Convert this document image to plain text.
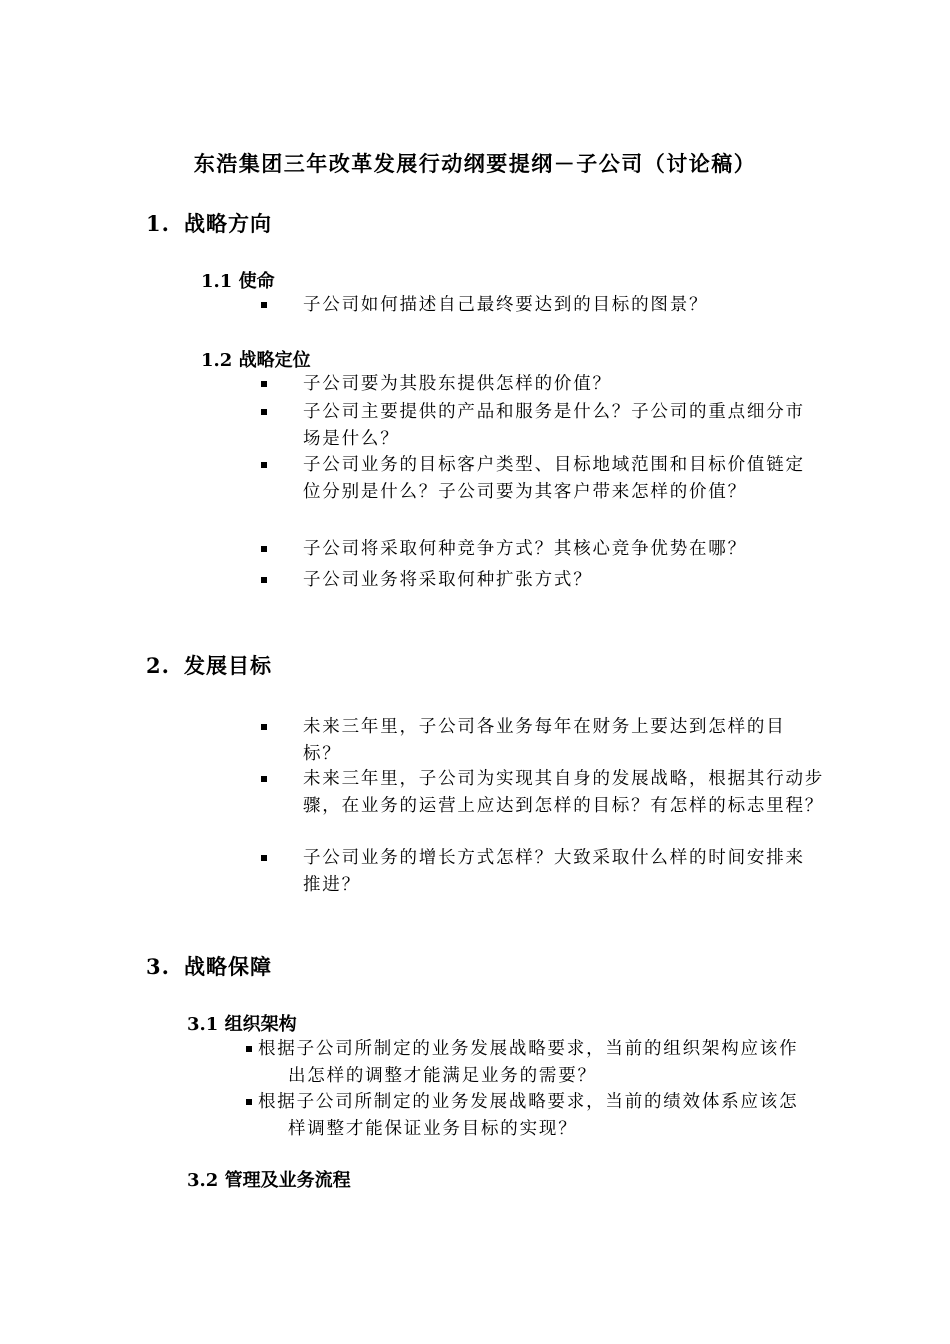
东浩集团三年改革发展行动纲要提纲－子公司（讨论稿）
1. 战略方向
1.1 使命
子公司如何描述自己最终要达到的目标的图景？
1.2 战略定位
子公司要为其股东提供怎样的价值？
子公司主要提供的产品和服务是什么？子公司的重点细分市场是什么？
子公司业务的目标客户类型、目标地域范围和目标价值链定位分别是什么？子公司要为其客户带来怎样的价值？
子公司将采取何种竞争方式？其核心竞争优势在哪？
子公司业务将采取何种扩张方式？
2. 发展目标
未来三年里，子公司各业务每年在财务上要达到怎样的目标？
未来三年里，子公司为实现其自身的发展战略，根据其行动步骤，在业务的运营上应达到怎样的目标？有怎样的标志里程？
子公司业务的增长方式怎样？大致采取什么样的时间安排来推进？
3. 战略保障
3.1 组织架构
根据子公司所制定的业务发展战略要求，当前的组织架构应该作出怎样的调整才能满足业务的需要？
根据子公司所制定的业务发展战略要求，当前的绩效体系应该怎样调整才能保证业务目标的实现？
3.2 管理及业务流程
